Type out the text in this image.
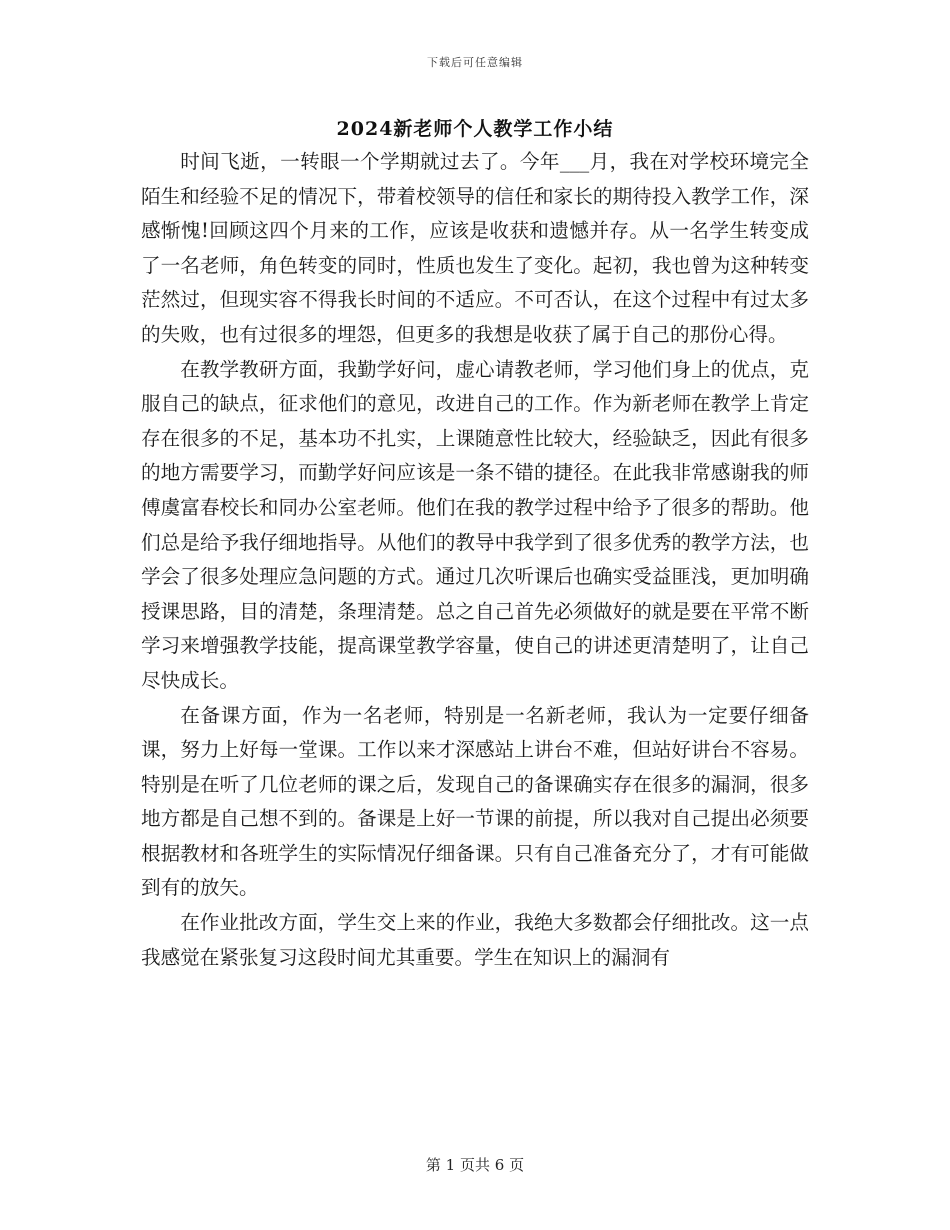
下载后可任意编辑
2024新老师个人教学工作小结

时间飞逝，一转眼一个学期就过去了。今年___月，我在对学校环境完全陌生和经验不足的情况下，带着校领导的信任和家长的期待投入教学工作，深感惭愧!回顾这四个月来的工作，应该是收获和遗憾并存。从一名学生转变成了一名老师，角色转变的同时，性质也发生了变化。起初，我也曾为这种转变茫然过，但现实容不得我长时间的不适应。不可否认，在这个过程中有过太多的失败，也有过很多的埋怨，但更多的我想是收获了属于自己的那份心得。

在教学教研方面，我勤学好问，虚心请教老师，学习他们身上的优点，克服自己的缺点，征求他们的意见，改进自己的工作。作为新老师在教学上肯定存在很多的不足，基本功不扎实，上课随意性比较大，经验缺乏，因此有很多的地方需要学习，而勤学好问应该是一条不错的捷径。在此我非常感谢我的师傅虞富春校长和同办公室老师。他们在我的教学过程中给予了很多的帮助。他们总是给予我仔细地指导。从他们的教导中我学到了很多优秀的教学方法，也学会了很多处理应急问题的方式。通过几次听课后也确实受益匪浅，更加明确授课思路，目的清楚，条理清楚。总之自己首先必须做好的就是要在平常不断学习来增强教学技能，提高课堂教学容量，使自己的讲述更清楚明了，让自己尽快成长。

在备课方面，作为一名老师，特别是一名新老师，我认为一定要仔细备课，努力上好每一堂课。工作以来才深感站上讲台不难，但站好讲台不容易。特别是在听了几位老师的课之后，发现自己的备课确实存在很多的漏洞，很多地方都是自己想不到的。备课是上好一节课的前提，所以我对自己提出必须要根据教材和各班学生的实际情况仔细备课。只有自己准备充分了，才有可能做到有的放矢。

在作业批改方面，学生交上来的作业，我绝大多数都会仔细批改。这一点我感觉在紧张复习这段时间尤其重要。学生在知识上的漏洞有

第 1 页共 6 页
